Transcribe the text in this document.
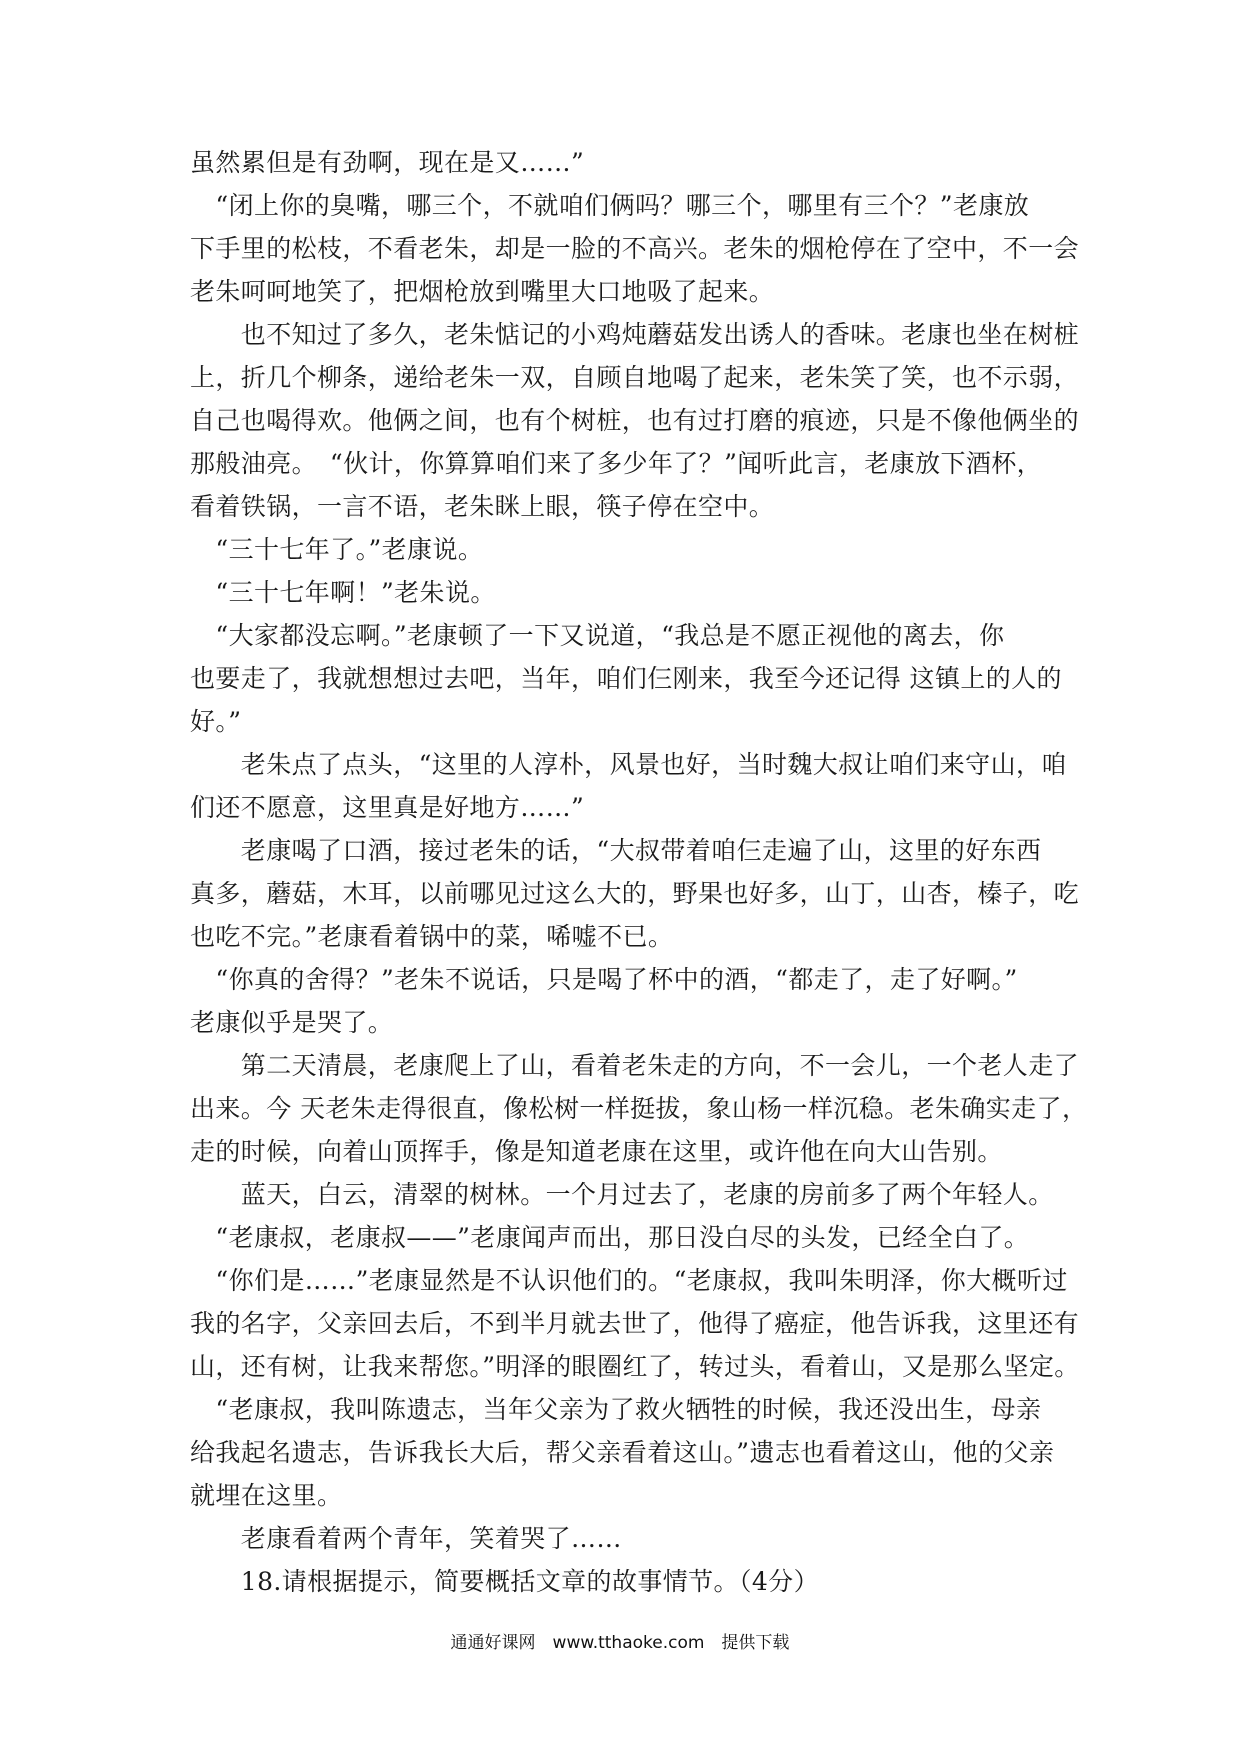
虽然累但是有劲啊，现在是又……”
　“闭上你的臭嘴，哪三个，不就咱们俩吗？哪三个，哪里有三个？”老康放
下手里的松枝，不看老朱，却是一脸的不高兴。老朱的烟枪停在了空中，不一会
老朱呵呵地笑了，把烟枪放到嘴里大口地吸了起来。
　　也不知过了多久，老朱惦记的小鸡炖蘑菇发出诱人的香味。老康也坐在树桩
上，折几个柳条，递给老朱一双，自顾自地喝了起来，老朱笑了笑，也不示弱，
自己也喝得欢。他俩之间，也有个树桩，也有过打磨的痕迹，只是不像他俩坐的
那般油亮。　“伙计，你算算咱们来了多少年了？”闻听此言，老康放下酒杯，
看着铁锅，一言不语，老朱眯上眼，筷子停在空中。
　“三十七年了。”老康说。
　“三十七年啊！”老朱说。
　“大家都没忘啊。”老康顿了一下又说道，“我总是不愿正视他的离去，你
也要走了，我就想想过去吧，当年，咱们仨刚来，我至今还记得 这镇上的人的
好。”
　　老朱点了点头，“这里的人淳朴，风景也好，当时魏大叔让咱们来守山，咱
们还不愿意，这里真是好地方……”
　　老康喝了口酒，接过老朱的话，“大叔带着咱仨走遍了山，这里的好东西
真多，蘑菇，木耳，以前哪见过这么大的，野果也好多，山丁，山杏，榛子，吃
也吃不完。”老康看着锅中的菜，唏嘘不已。
　“你真的舍得？”老朱不说话，只是喝了杯中的酒，“都走了，走了好啊。”
老康似乎是哭了。
　　第二天清晨，老康爬上了山，看着老朱走的方向，不一会儿，一个老人走了
出来。今 天老朱走得很直，像松树一样挺拔，象山杨一样沉稳。老朱确实走了，
走的时候，向着山顶挥手，像是知道老康在这里，或许他在向大山告别。
　　蓝天，白云，清翠的树林。一个月过去了，老康的房前多了两个年轻人。
　“老康叔，老康叔——”老康闻声而出，那日没白尽的头发，已经全白了。
　“你们是……”老康显然是不认识他们的。“老康叔，我叫朱明泽，你大概听过
我的名字，父亲回去后，不到半月就去世了，他得了癌症，他告诉我，这里还有
山，还有树，让我来帮您。”明泽的眼圈红了，转过头，看着山，又是那么坚定。
　“老康叔，我叫陈遗志，当年父亲为了救火牺牲的时候，我还没出生，母亲
给我起名遗志，告诉我长大后，帮父亲看着这山。”遗志也看着这山，他的父亲
就埋在这里。
　　老康看着两个青年，笑着哭了……
　　18.请根据提示，简要概括文章的故事情节。（4分）
通通好课网　www.tthaoke.com　提供下载
